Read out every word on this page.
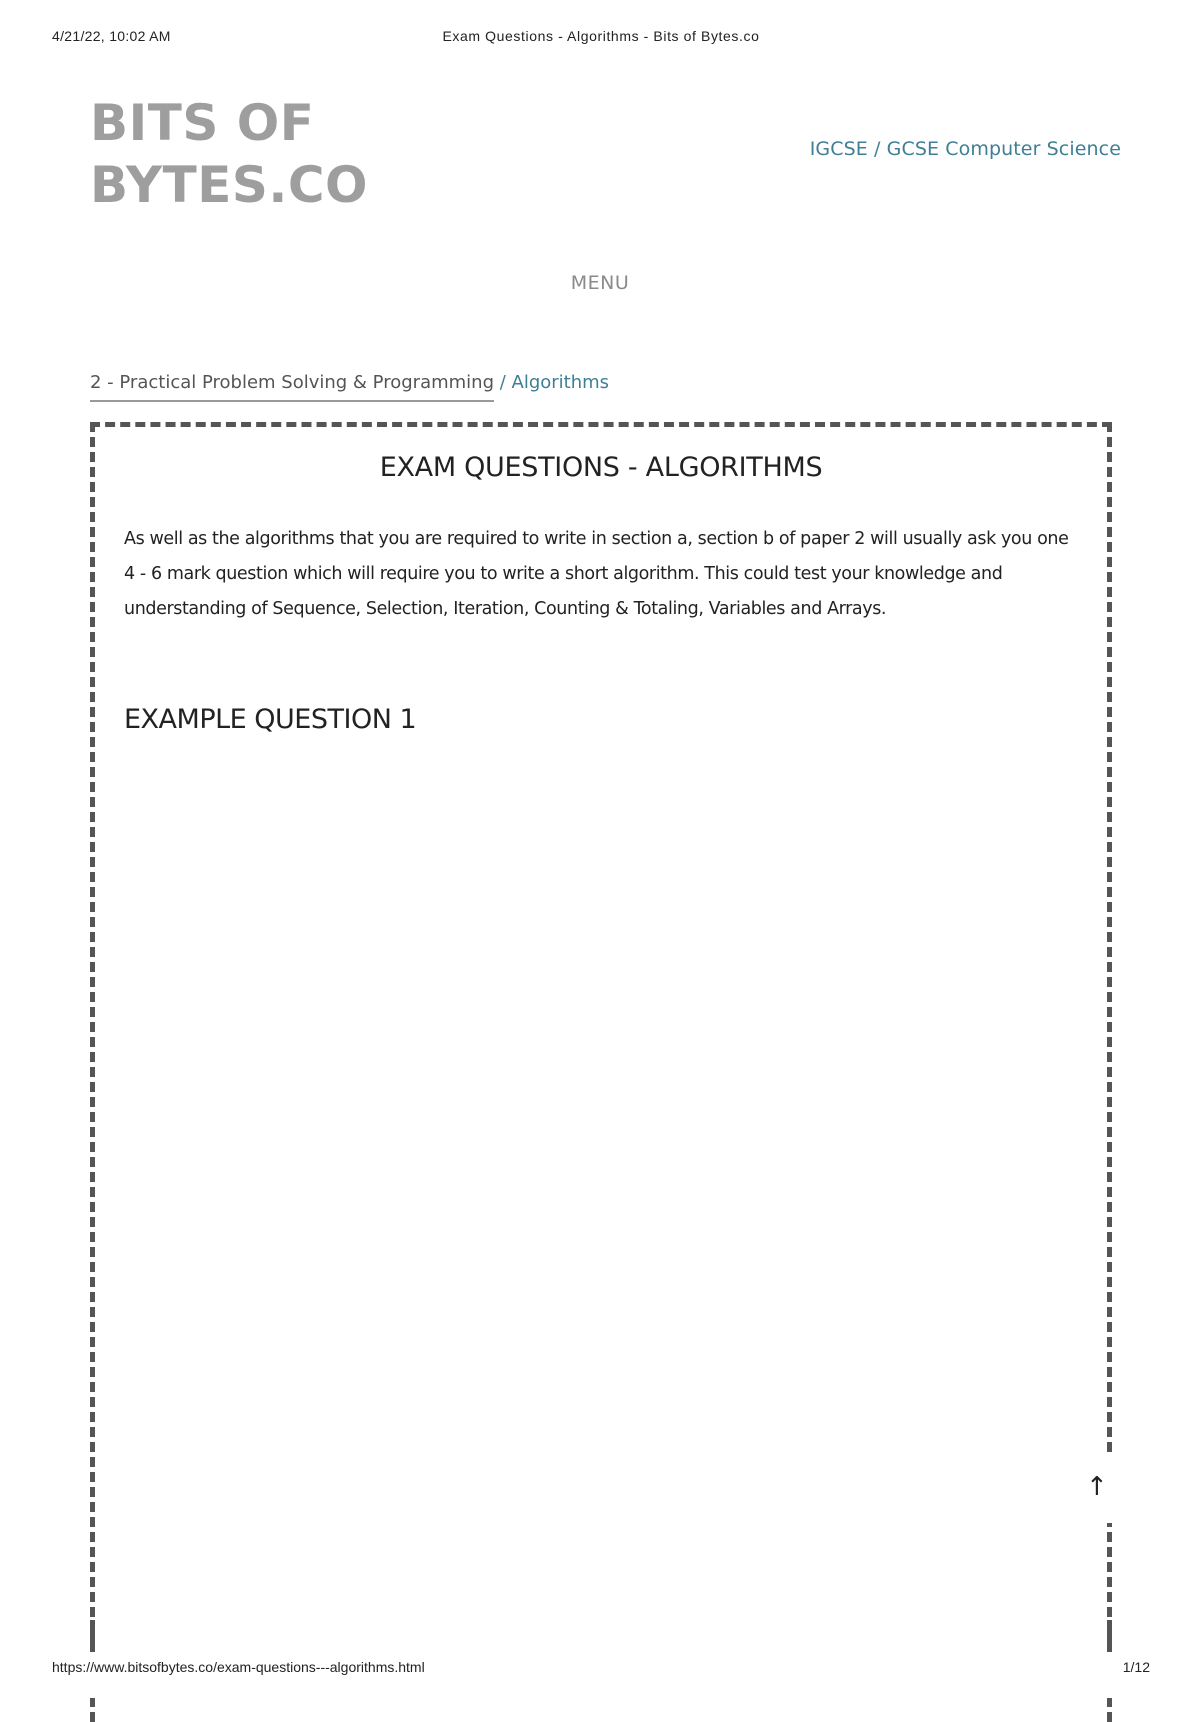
4/21/22, 10:02 AM	Exam Questions - Algorithms - Bits of Bytes.co
BITS OF
BYTES.CO
IGCSE / GCSE Computer Science
MENU
2 - Practical Problem Solving & Programming / Algorithms
EXAM QUESTIONS - ALGORITHMS

As well as the algorithms that you are required to write in section a, section b of paper 2 will usually ask you one 4 - 6 mark question which will require you to write a short algorithm. This could test your knowledge and understanding of Sequence, Selection, Iteration, Counting & Totaling, Variables and Arrays.

EXAMPLE QUESTION 1
↑
https://www.bitsofbytes.co/exam-questions---algorithms.html	1/12
